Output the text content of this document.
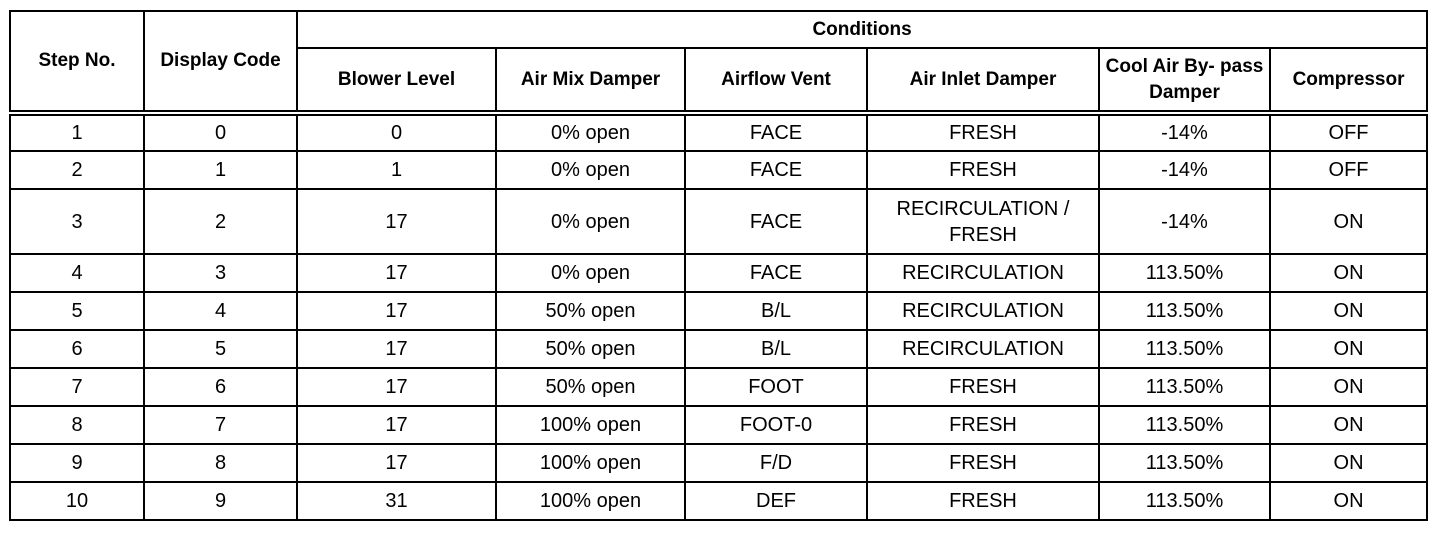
Step No.	Display Code	Conditions					
		Blower Level	Air Mix Damper	Airflow Vent	Air Inlet Damper	Cool Air By- pass Damper	Compressor
1	0	0	0% open	FACE	FRESH	-14%	OFF
2	1	1	0% open	FACE	FRESH	-14%	OFF
3	2	17	0% open	FACE	RECIRCULATION /
FRESH	-14%	ON
4	3	17	0% open	FACE	RECIRCULATION	113.50%	ON
5	4	17	50% open	B/L	RECIRCULATION	113.50%	ON
6	5	17	50% open	B/L	RECIRCULATION	113.50%	ON
7	6	17	50% open	FOOT	FRESH	113.50%	ON
8	7	17	100% open	FOOT-0	FRESH	113.50%	ON
9	8	17	100% open	F/D	FRESH	113.50%	ON
10	9	31	100% open	DEF	FRESH	113.50%	ON
